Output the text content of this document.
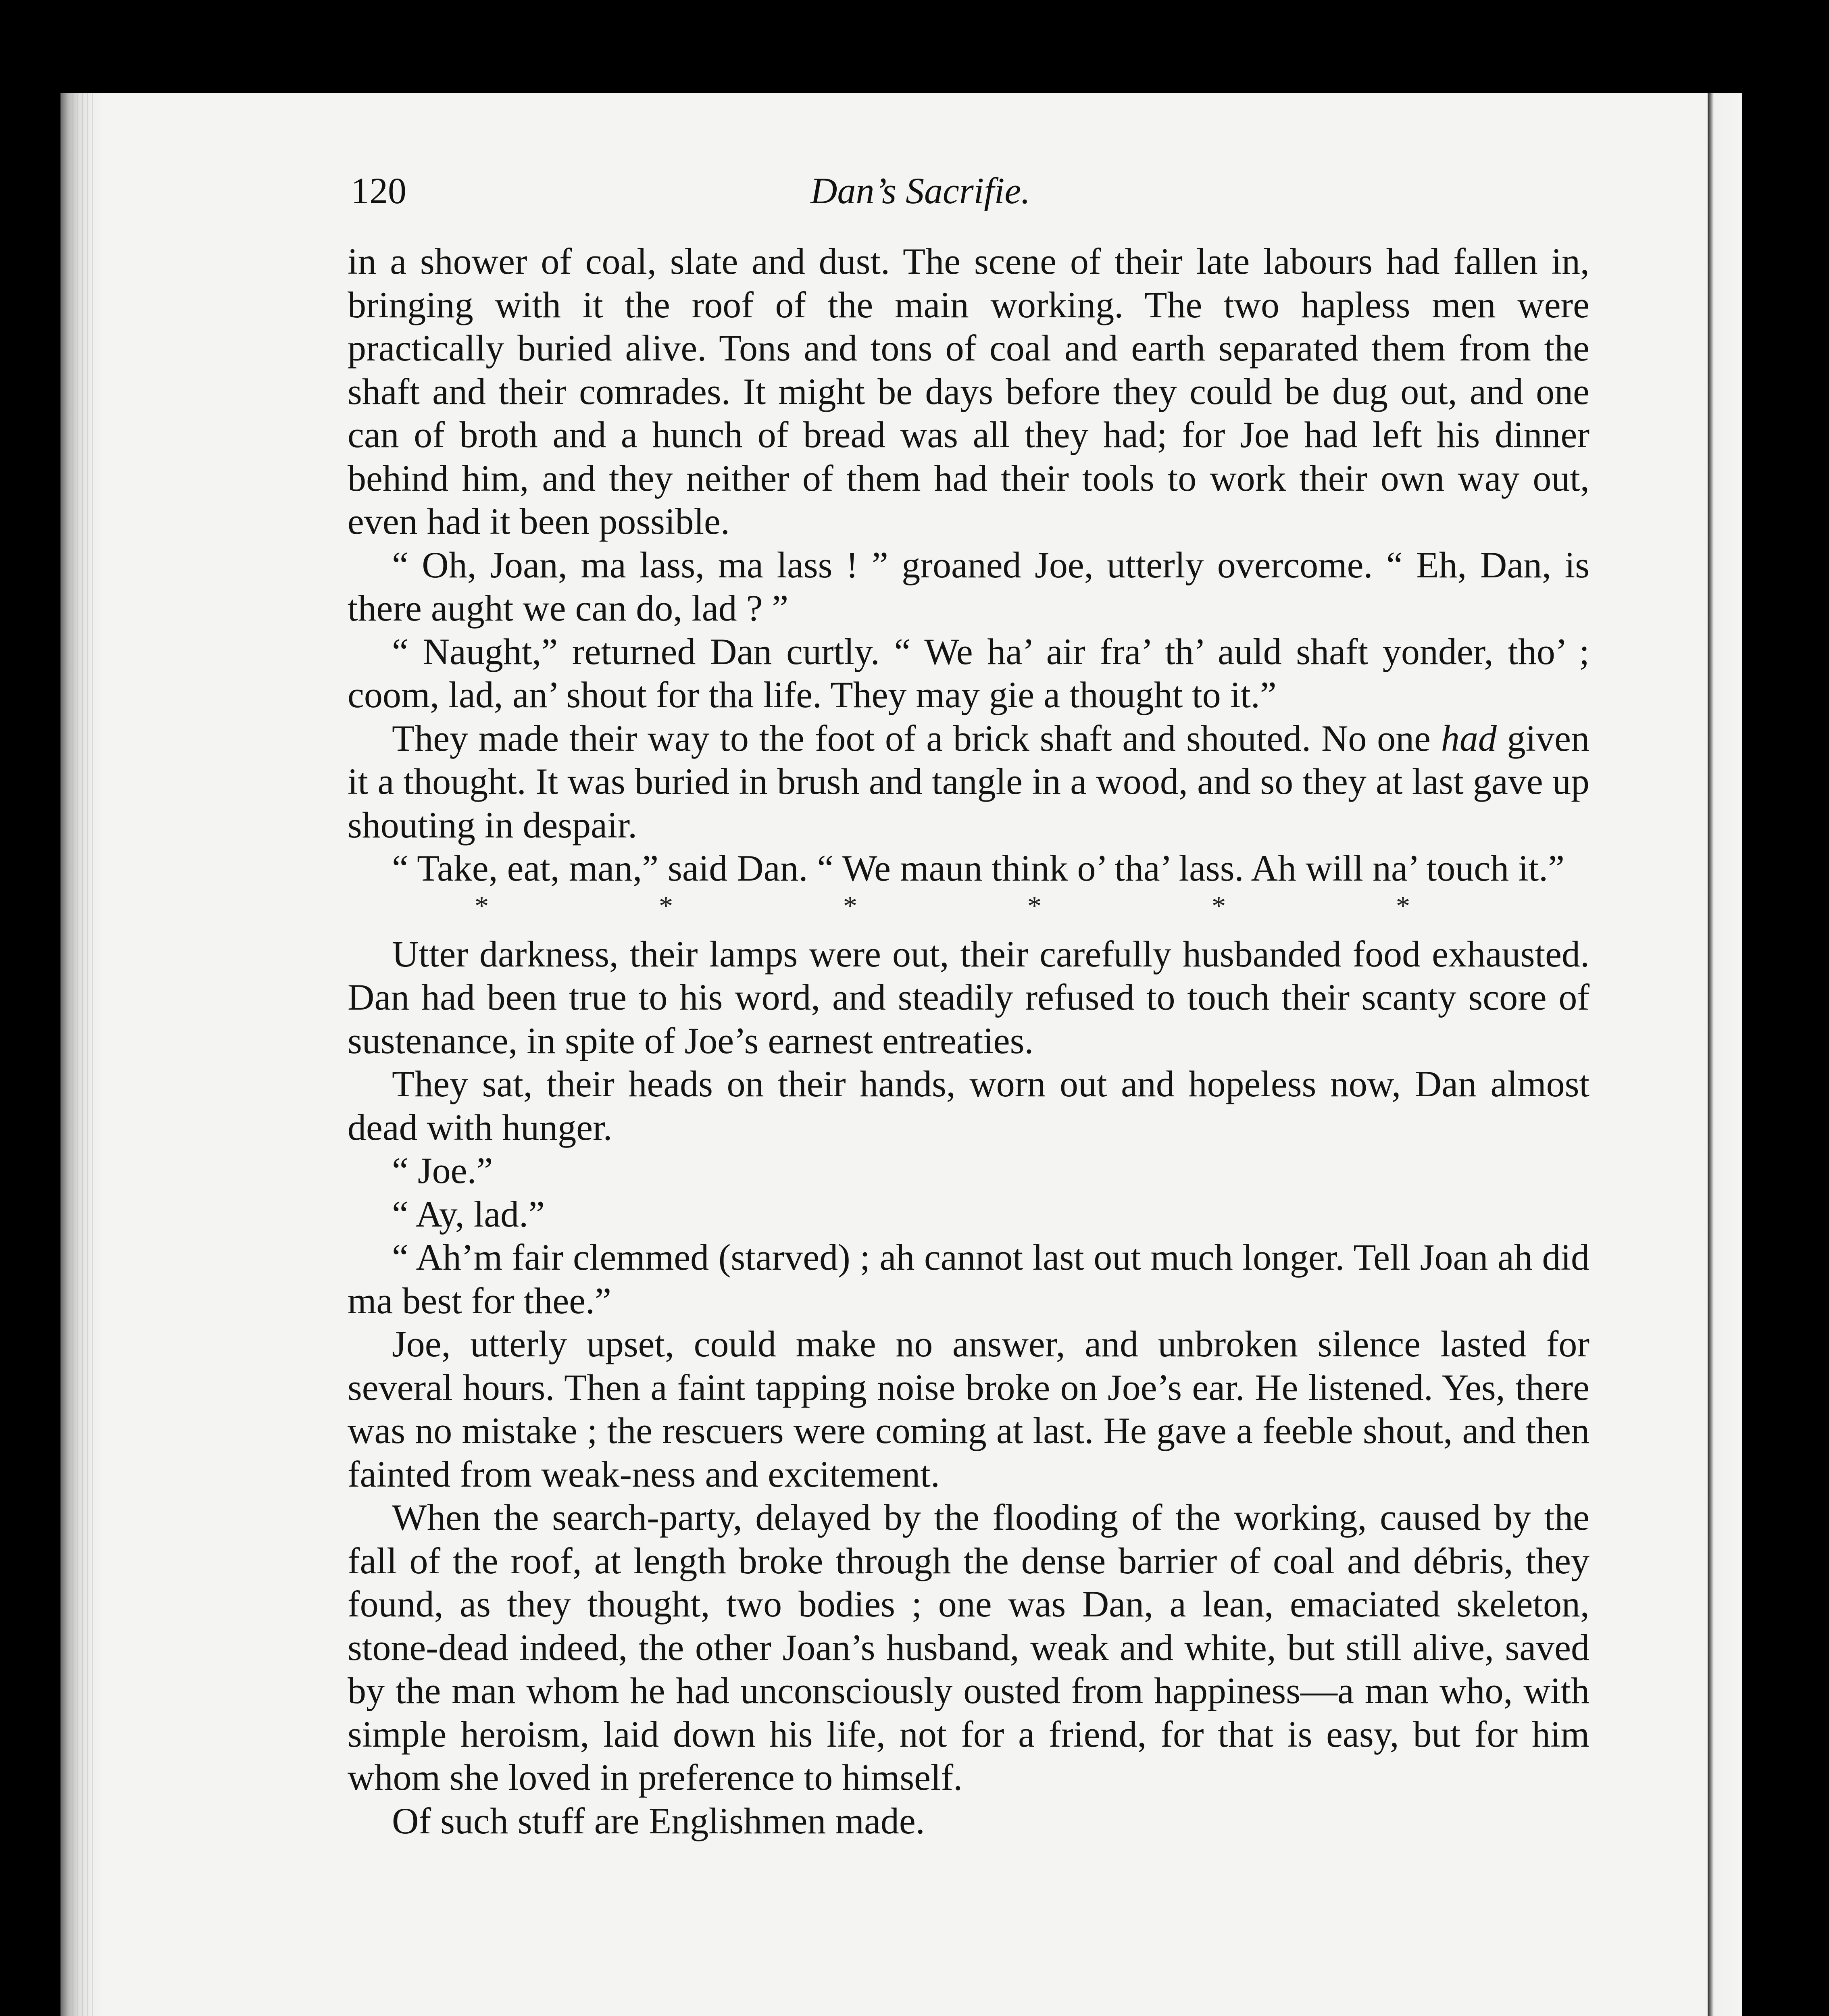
120	Dan’s Sacrifie.

in a shower of coal, slate and dust. The scene of their late labours had fallen in, bringing with it the roof of the main working. The two hapless men were practically buried alive. Tons and tons of coal and earth separated them from the shaft and their comrades. It might be days before they could be dug out, and one can of broth and a hunch of bread was all they had; for Joe had left his dinner behind him, and they neither of them had their tools to work their own way out, even had it been possible.

“ Oh, Joan, ma lass, ma lass ! ” groaned Joe, utterly overcome. “ Eh, Dan, is there aught we can do, lad ? ”

“ Naught,” returned Dan curtly. “ We ha’ air fra’ th’ auld shaft yonder, tho’ ; coom, lad, an’ shout for tha life. They may gie a thought to it.”

They made their way to the foot of a brick shaft and shouted. No one had given it a thought. It was buried in brush and tangle in a wood, and so they at last gave up shouting in despair.

“ Take, eat, man,” said Dan. “ We maun think o’ tha’ lass. Ah will na’ touch it.”

*	*	*	*	*	*

Utter darkness, their lamps were out, their carefully husbanded food exhausted. Dan had been true to his word, and steadily refused to touch their scanty score of sustenance, in spite of Joe’s earnest entreaties.

They sat, their heads on their hands, worn out and hopeless now, Dan almost dead with hunger.

“ Joe.”

“ Ay, lad.”

“ Ah’m fair clemmed (starved) ; ah cannot last out much longer. Tell Joan ah did ma best for thee.”

Joe, utterly upset, could make no answer, and unbroken silence lasted for several hours. Then a faint tapping noise broke on Joe’s ear. He listened. Yes, there was no mistake ; the rescuers were coming at last. He gave a feeble shout, and then fainted from weak-ness and excitement.

When the search-party, delayed by the flooding of the working, caused by the fall of the roof, at length broke through the dense barrier of coal and débris, they found, as they thought, two bodies ; one was Dan, a lean, emaciated skeleton, stone-dead indeed, the other Joan’s husband, weak and white, but still alive, saved by the man whom he had unconsciously ousted from happiness—a man who, with simple heroism, laid down his life, not for a friend, for that is easy, but for him whom she loved in preference to himself.

Of such stuff are Englishmen made.
